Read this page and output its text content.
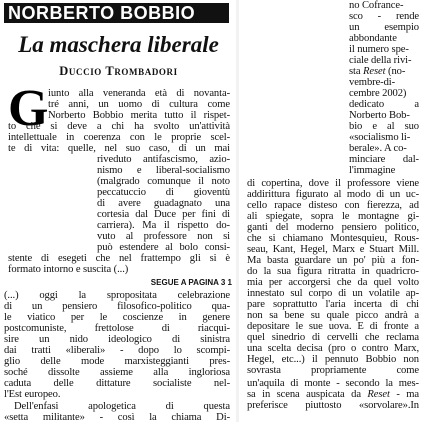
NORBERTO BOBBIO
La maschera liberale
Duccio Trombadori
G iunto alla veneranda età di novanta-
tré anni, un uomo di cultura come
Norberto Bobbio merita tutto il rispet-
to che si deve a chi ha svolto un'attività
intellettuale in coerenza con le proprie scel-
te di vita: quelle, nel suo caso, di un mai
riveduto antifascismo, azio-
nismo e liberal-socialismo
(malgrado comunque il noto
peccatuccio di gioventù
di avere guadagnato una
cortesia dal Duce per fini di
carriera). Ma il rispetto do-
vuto al professore non si
può estendere al bolo consi-
stente di esegeti che nel frattempo gli si è
formato intorno e suscita (...)
SEGUE A PAGINA 3 1
(...) oggi la spropositata celebrazione
di un pensiero filosofico-politico qua-
le viatico per le coscienze in genere
postcomuniste, frettolose di riacqui-
sire un nido ideologico di sinistra
dai tratti «liberali» - dopo lo scompi-
glio delle mode marxisteggianti pres-
soché dissolte assieme alla ingloriosa
caduta delle dittature socialiste nel-
l'Est europeo.
Dell'enfasi apologetica di questa
«setta militante» - così la chiama Di-
no Cofrance-
sco - rende
un esempio
abbondante
il numero spe-
ciale della rivi-
sta Reset (no-
vembre-di-
cembre 2002)
dedicato a
Norberto Bob-
bio e al suo
«socialismo li-
berale». A co-
minciare dal-
l'immagine
di copertina, dove il professore viene
addirittura figurato al modo di un uc-
cello rapace disteso con fierezza, ad
ali spiegate, sopra le montagne gi-
ganti del moderno pensiero politico,
che si chiamano Montesquieu, Rous-
seau, Kant, Hegel, Marx e Stuart Mill.
Ma basta guardare un po' più a fon-
do la sua figura ritratta in quadricro-
mia per accorgersi che da quel volto
innestato sul corpo di un volatile ap-
pare soprattutto l'aria incerta di chi
non sa bene su quale picco andrà a
depositare le sue uova. E di fronte a
quel sinedrio di cervelli che reclama
una scelta decisa (pro o contro Marx,
Hegel, etc...) il pennuto Bobbio non
sovrasta propriamente come
un'aquila di monte - secondo la mes-
sa in scena auspicata da Reset - ma
preferisce piuttosto «sorvolare».In
